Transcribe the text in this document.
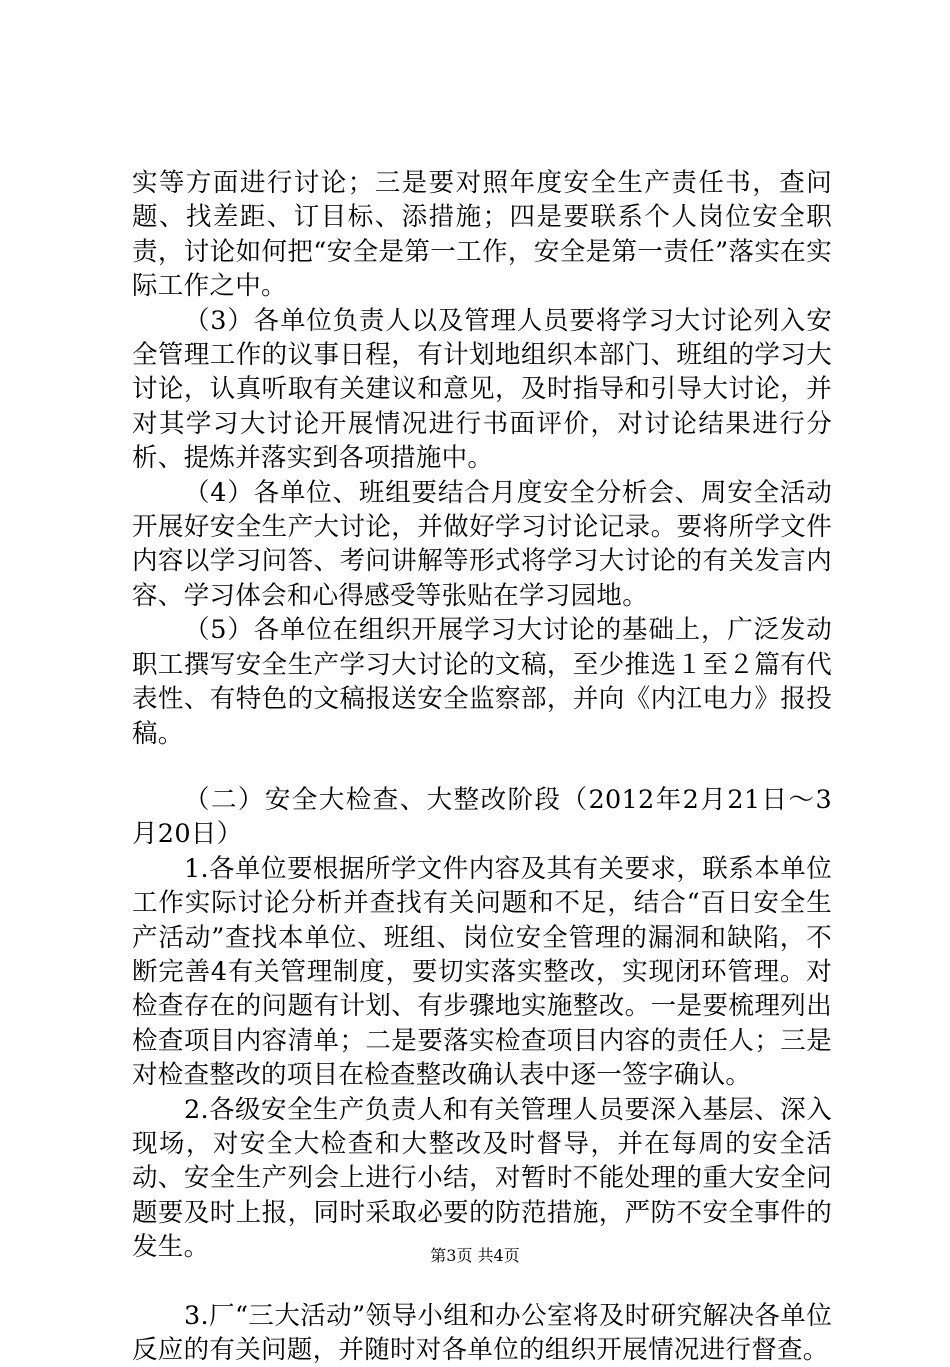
实等方面进行讨论；三是要对照年度安全生产责任书，查问题、找差距、订目标、添措施；四是要联系个人岗位安全职责，讨论如何把“安全是第一工作，安全是第一责任”落实在实际工作之中。

（3）各单位负责人以及管理人员要将学习大讨论列入安全管理工作的议事日程，有计划地组织本部门、班组的学习大讨论，认真听取有关建议和意见，及时指导和引导大讨论，并对其学习大讨论开展情况进行书面评价，对讨论结果进行分析、提炼并落实到各项措施中。

（4）各单位、班组要结合月度安全分析会、周安全活动开展好安全生产大讨论，并做好学习讨论记录。要将所学文件内容以学习问答、考问讲解等形式将学习大讨论的有关发言内容、学习体会和心得感受等张贴在学习园地。

（5）各单位在组织开展学习大讨论的基础上，广泛发动职工撰写安全生产学习大讨论的文稿，至少推选１至２篇有代表性、有特色的文稿报送安全监察部，并向《内江电力》报投稿。

（二）安全大检查、大整改阶段（2012年2月21日～3月20日）

1.各单位要根据所学文件内容及其有关要求，联系本单位工作实际讨论分析并查找有关问题和不足，结合“百日安全生产活动”查找本单位、班组、岗位安全管理的漏洞和缺陷，不断完善4有关管理制度，要切实落实整改，实现闭环管理。对检查存在的问题有计划、有步骤地实施整改。一是要梳理列出检查项目内容清单；二是要落实检查项目内容的责任人；三是对检查整改的项目在检查整改确认表中逐一签字确认。

2.各级安全生产负责人和有关管理人员要深入基层、深入现场，对安全大检查和大整改及时督导，并在每周的安全活动、安全生产列会上进行小结，对暂时不能处理的重大安全问题要及时上报，同时采取必要的防范措施，严防不安全事件的发生。

3.厂“三大活动”领导小组和办公室将及时研究解决各单位反应的有关问题，并随时对各单位的组织开展情况进行督查。

第3页 共4页
